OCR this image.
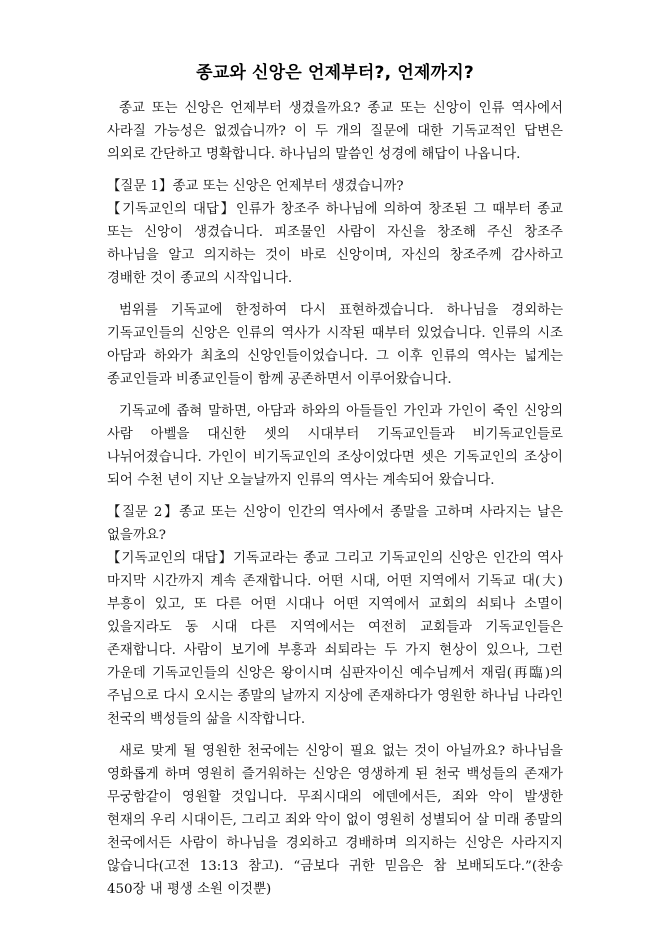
종교와 신앙은 언제부터?, 언제까지?

종교 또는 신앙은 언제부터 생겼을까요? 종교 또는 신앙이 인류 역사에서 사라질 가능성은 없겠습니까? 이 두 개의 질문에 대한 기독교적인 답변은 의외로 간단하고 명확합니다. 하나님의 말씀인 성경에 해답이 나옵니다.

【질문 1】종교 또는 신앙은 언제부터 생겼습니까?

【기독교인의 대답】인류가 창조주 하나님에 의하여 창조된 그 때부터 종교 또는 신앙이 생겼습니다. 피조물인 사람이 자신을 창조해 주신 창조주 하나님을 알고 의지하는 것이 바로 신앙이며, 자신의 창조주께 감사하고 경배한 것이 종교의 시작입니다.

범위를 기독교에 한정하여 다시 표현하겠습니다. 하나님을 경외하는 기독교인들의 신앙은 인류의 역사가 시작된 때부터 있었습니다. 인류의 시조 아담과 하와가 최초의 신앙인들이었습니다. 그 이후 인류의 역사는 넓게는 종교인들과 비종교인들이 함께 공존하면서 이루어왔습니다.

기독교에 좁혀 말하면, 아담과 하와의 아들들인 가인과 가인이 죽인 신앙의 사람 아벨을 대신한 셋의 시대부터 기독교인들과 비기독교인들로 나뉘어졌습니다. 가인이 비기독교인의 조상이었다면 셋은 기독교인의 조상이 되어 수천 년이 지난 오늘날까지 인류의 역사는 계속되어 왔습니다.

【질문 2】종교 또는 신앙이 인간의 역사에서 종말을 고하며 사라지는 날은 없을까요?

【기독교인의 대답】기독교라는 종교 그리고 기독교인의 신앙은 인간의 역사 마지막 시간까지 계속 존재합니다. 어떤 시대, 어떤 지역에서 기독교 대(大)부흥이 있고, 또 다른 어떤 시대나 어떤 지역에서 교회의 쇠퇴나 소멸이 있을지라도 동 시대 다른 지역에서는 여전히 교회들과 기독교인들은 존재합니다. 사람이 보기에 부흥과 쇠퇴라는 두 가지 현상이 있으나, 그런 가운데 기독교인들의 신앙은 왕이시며 심판자이신 예수님께서 재림(再臨)의 주님으로 다시 오시는 종말의 날까지 지상에 존재하다가 영원한 하나님 나라인 천국의 백성들의 삶을 시작합니다.

새로 맞게 될 영원한 천국에는 신앙이 필요 없는 것이 아닐까요? 하나님을 영화롭게 하며 영원히 즐거워하는 신앙은 영생하게 된 천국 백성들의 존재가 무궁함같이 영원할 것입니다. 무죄시대의 에덴에서든, 죄와 악이 발생한 현재의 우리 시대이든, 그리고 죄와 악이 없이 영원히 성별되어 살 미래 종말의 천국에서든 사람이 하나님을 경외하고 경배하며 의지하는 신앙은 사라지지 않습니다(고전 13:13 참고). “금보다 귀한 믿음은 참 보배되도다.”(찬송 450장 내 평생 소원 이것뿐)
